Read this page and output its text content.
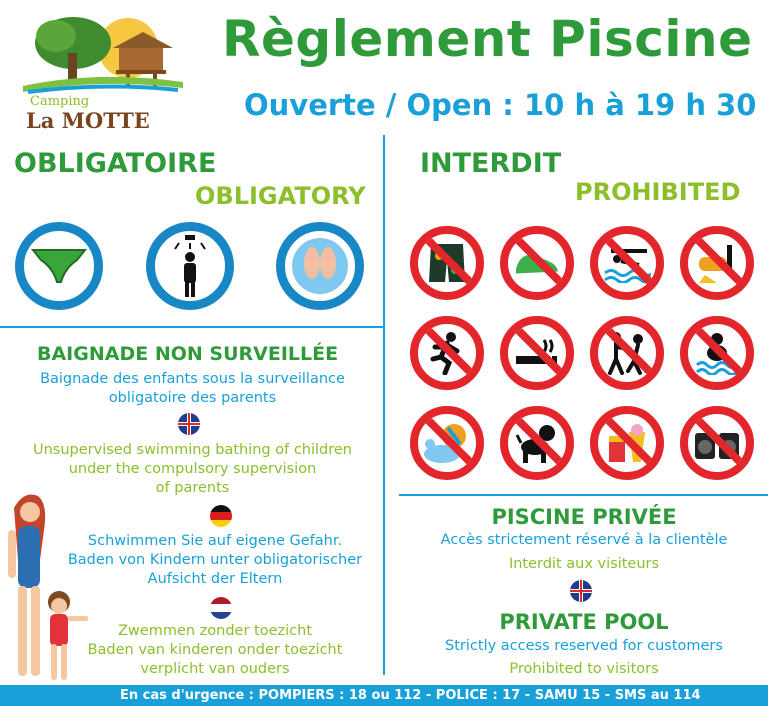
Camping
La MOTTE
Règlement Piscine
Ouverte / Open : 10 h à 19 h 30
OBLIGATOIRE
OBLIGATORY
BAIGNADE NON SURVEILLÉE
Baignade des enfants sous la surveillance
obligatoire des parents
Unsupervised swimming bathing of children
under the compulsory supervision
of parents
Schwimmen Sie auf eigene Gefahr.
Baden von Kindern unter obligatorischer
Aufsicht der Eltern
Zwemmen zonder toezicht
Baden van kinderen onder toezicht
verplicht van ouders
INTERDIT
PROHIBITED
PISCINE PRIVÉE
Accès strictement réservé à la clientèle
Interdit aux visiteurs
PRIVATE POOL
Strictly access reserved for customers
Prohibited to visitors
En cas d'urgence : POMPIERS : 18 ou 112 - POLICE : 17 - SAMU 15 - SMS au 114
